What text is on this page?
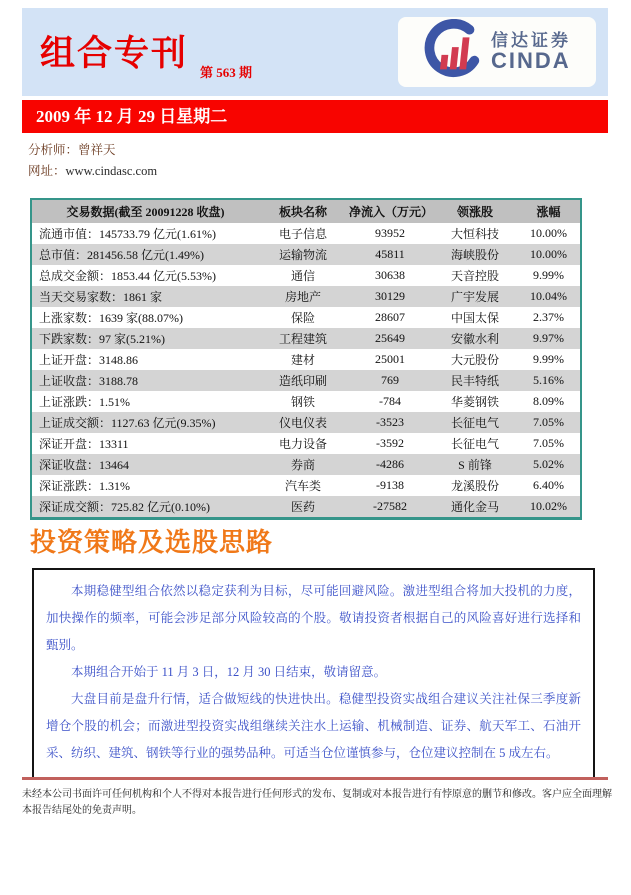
组合专刊 第 563 期
信达证券
CINDA
2009 年 12 月 29 日星期二
分析师：曾祥天
网址：www.cindasc.com
交易数据(截至 20091228 收盘)	板块名称	净流入（万元）	领涨股	涨幅
流通市值：145733.79 亿元(1.61%)	电子信息	93952	大恒科技	10.00%
总市值：281456.58 亿元(1.49%)	运输物流	45811	海峡股份	10.00%
总成交金额：1853.44 亿元(5.53%)	通信	30638	天音控股	9.99%
当天交易家数：1861 家	房地产	30129	广宇发展	10.04%
上涨家数：1639 家(88.07%)	保险	28607	中国太保	2.37%
下跌家数：97 家(5.21%)	工程建筑	25649	安徽水利	9.97%
上证开盘：3148.86	建材	25001	大元股份	9.99%
上证收盘：3188.78	造纸印刷	769	民丰特纸	5.16%
上证涨跌：1.51%	钢铁	-784	华菱钢铁	8.09%
上证成交额：1127.63 亿元(9.35%)	仪电仪表	-3523	长征电气	7.05%
深证开盘：13311	电力设备	-3592	长征电气	7.05%
深证收盘：13464	券商	-4286	S 前锋	5.02%
深证涨跌：1.31%	汽车类	-9138	龙溪股份	6.40%
深证成交额：725.82 亿元(0.10%)	医药	-27582	通化金马	10.02%
投资策略及选股思路

本期稳健型组合依然以稳定获利为目标，尽可能回避风险。激进型组合将加大投机的力度，加快操作的频率，可能会涉足部分风险较高的个股。敬请投资者根据自己的风险喜好进行选择和甄别。

本期组合开始于 11 月 3 日，12 月 30 日结束，敬请留意。

大盘目前是盘升行情，适合做短线的快进快出。稳健型投资实战组合建议关注社保三季度新增仓个股的机会；而激进型投资实战组继续关注水上运输、机械制造、证券、航天军工、石油开采、纺织、建筑、钢铁等行业的强势品种。可适当仓位谨慎参与，仓位建议控制在 5 成左右。

未经本公司书面许可任何机构和个人不得对本报告进行任何形式的发布、复制或对本报告进行有悖原意的删节和修改。客户应全面理解本报告结尾处的免责声明。
